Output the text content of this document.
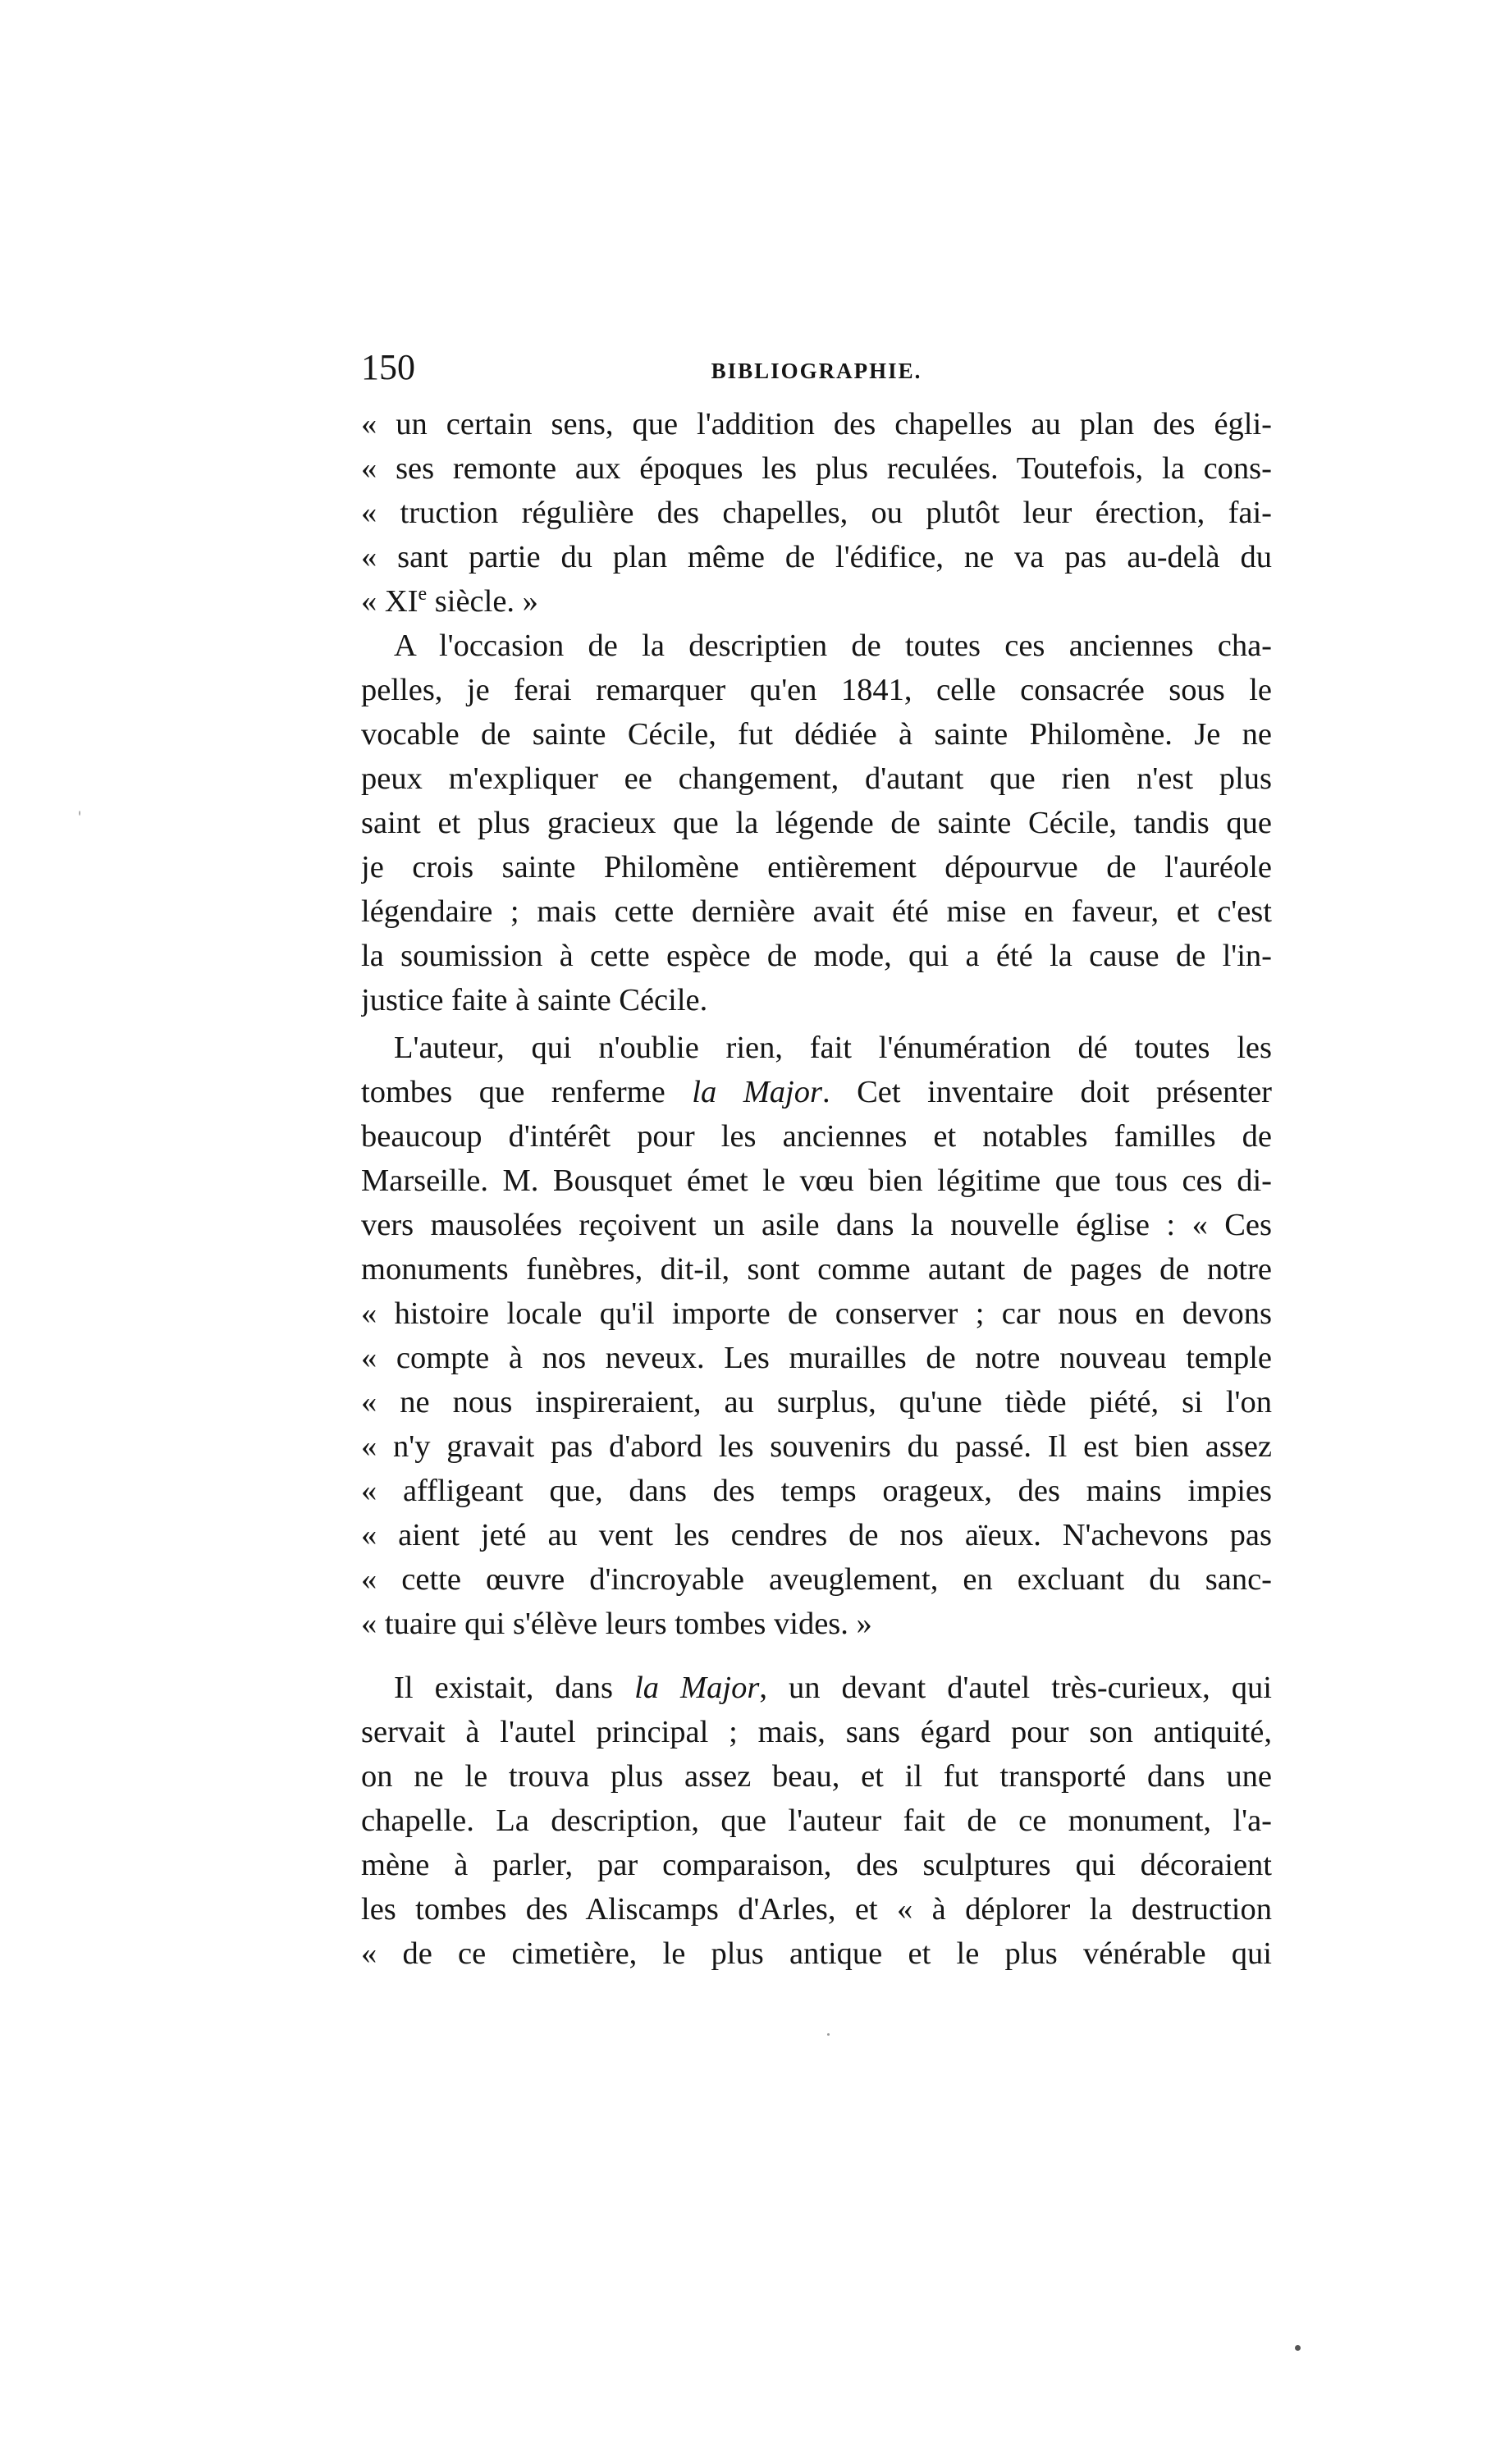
150	BIBLIOGRAPHIE.
« un certain sens, que l'addition des chapelles au plan des égli-
« ses remonte aux époques les plus reculées. Toutefois, la cons-
« truction régulière des chapelles, ou plutôt leur érection, fai-
« sant partie du plan même de l'édifice, ne va pas au-delà du
« XIe siècle. »
A l'occasion de la descriptien de toutes ces anciennes cha-
pelles, je ferai remarquer qu'en 1841, celle consacrée sous le
vocable de sainte Cécile, fut dédiée à sainte Philomène. Je ne
peux m'expliquer ee changement, d'autant que rien n'est plus
saint et plus gracieux que la légende de sainte Cécile, tandis que
je crois sainte Philomène entièrement dépourvue de l'auréole
légendaire ; mais cette dernière avait été mise en faveur, et c'est
la soumission à cette espèce de mode, qui a été la cause de l'in-
justice faite à sainte Cécile.
L'auteur, qui n'oublie rien, fait l'énumération dé toutes les
tombes que renferme la Major. Cet inventaire doit présenter
beaucoup d'intérêt pour les anciennes et notables familles de
Marseille. M. Bousquet émet le vœu bien légitime que tous ces di-
vers mausolées reçoivent un asile dans la nouvelle église : « Ces
monuments funèbres, dit-il, sont comme autant de pages de notre
« histoire locale qu'il importe de conserver ; car nous en devons
« compte à nos neveux. Les murailles de notre nouveau temple
« ne nous inspireraient, au surplus, qu'une tiède piété, si l'on
« n'y gravait pas d'abord les souvenirs du passé. Il est bien assez
« affligeant que, dans des temps orageux, des mains impies
« aient jeté au vent les cendres de nos aïeux. N'achevons pas
« cette œuvre d'incroyable aveuglement, en excluant du sanc-
« tuaire qui s'élève leurs tombes vides. »
Il existait, dans la Major, un devant d'autel très-curieux, qui
servait à l'autel principal ; mais, sans égard pour son antiquité,
on ne le trouva plus assez beau, et il fut transporté dans une
chapelle. La description, que l'auteur fait de ce monument, l'a-
mène à parler, par comparaison, des sculptures qui décoraient
les tombes des Aliscamps d'Arles, et « à déplorer la destruction
« de ce cimetière, le plus antique et le plus vénérable qui
